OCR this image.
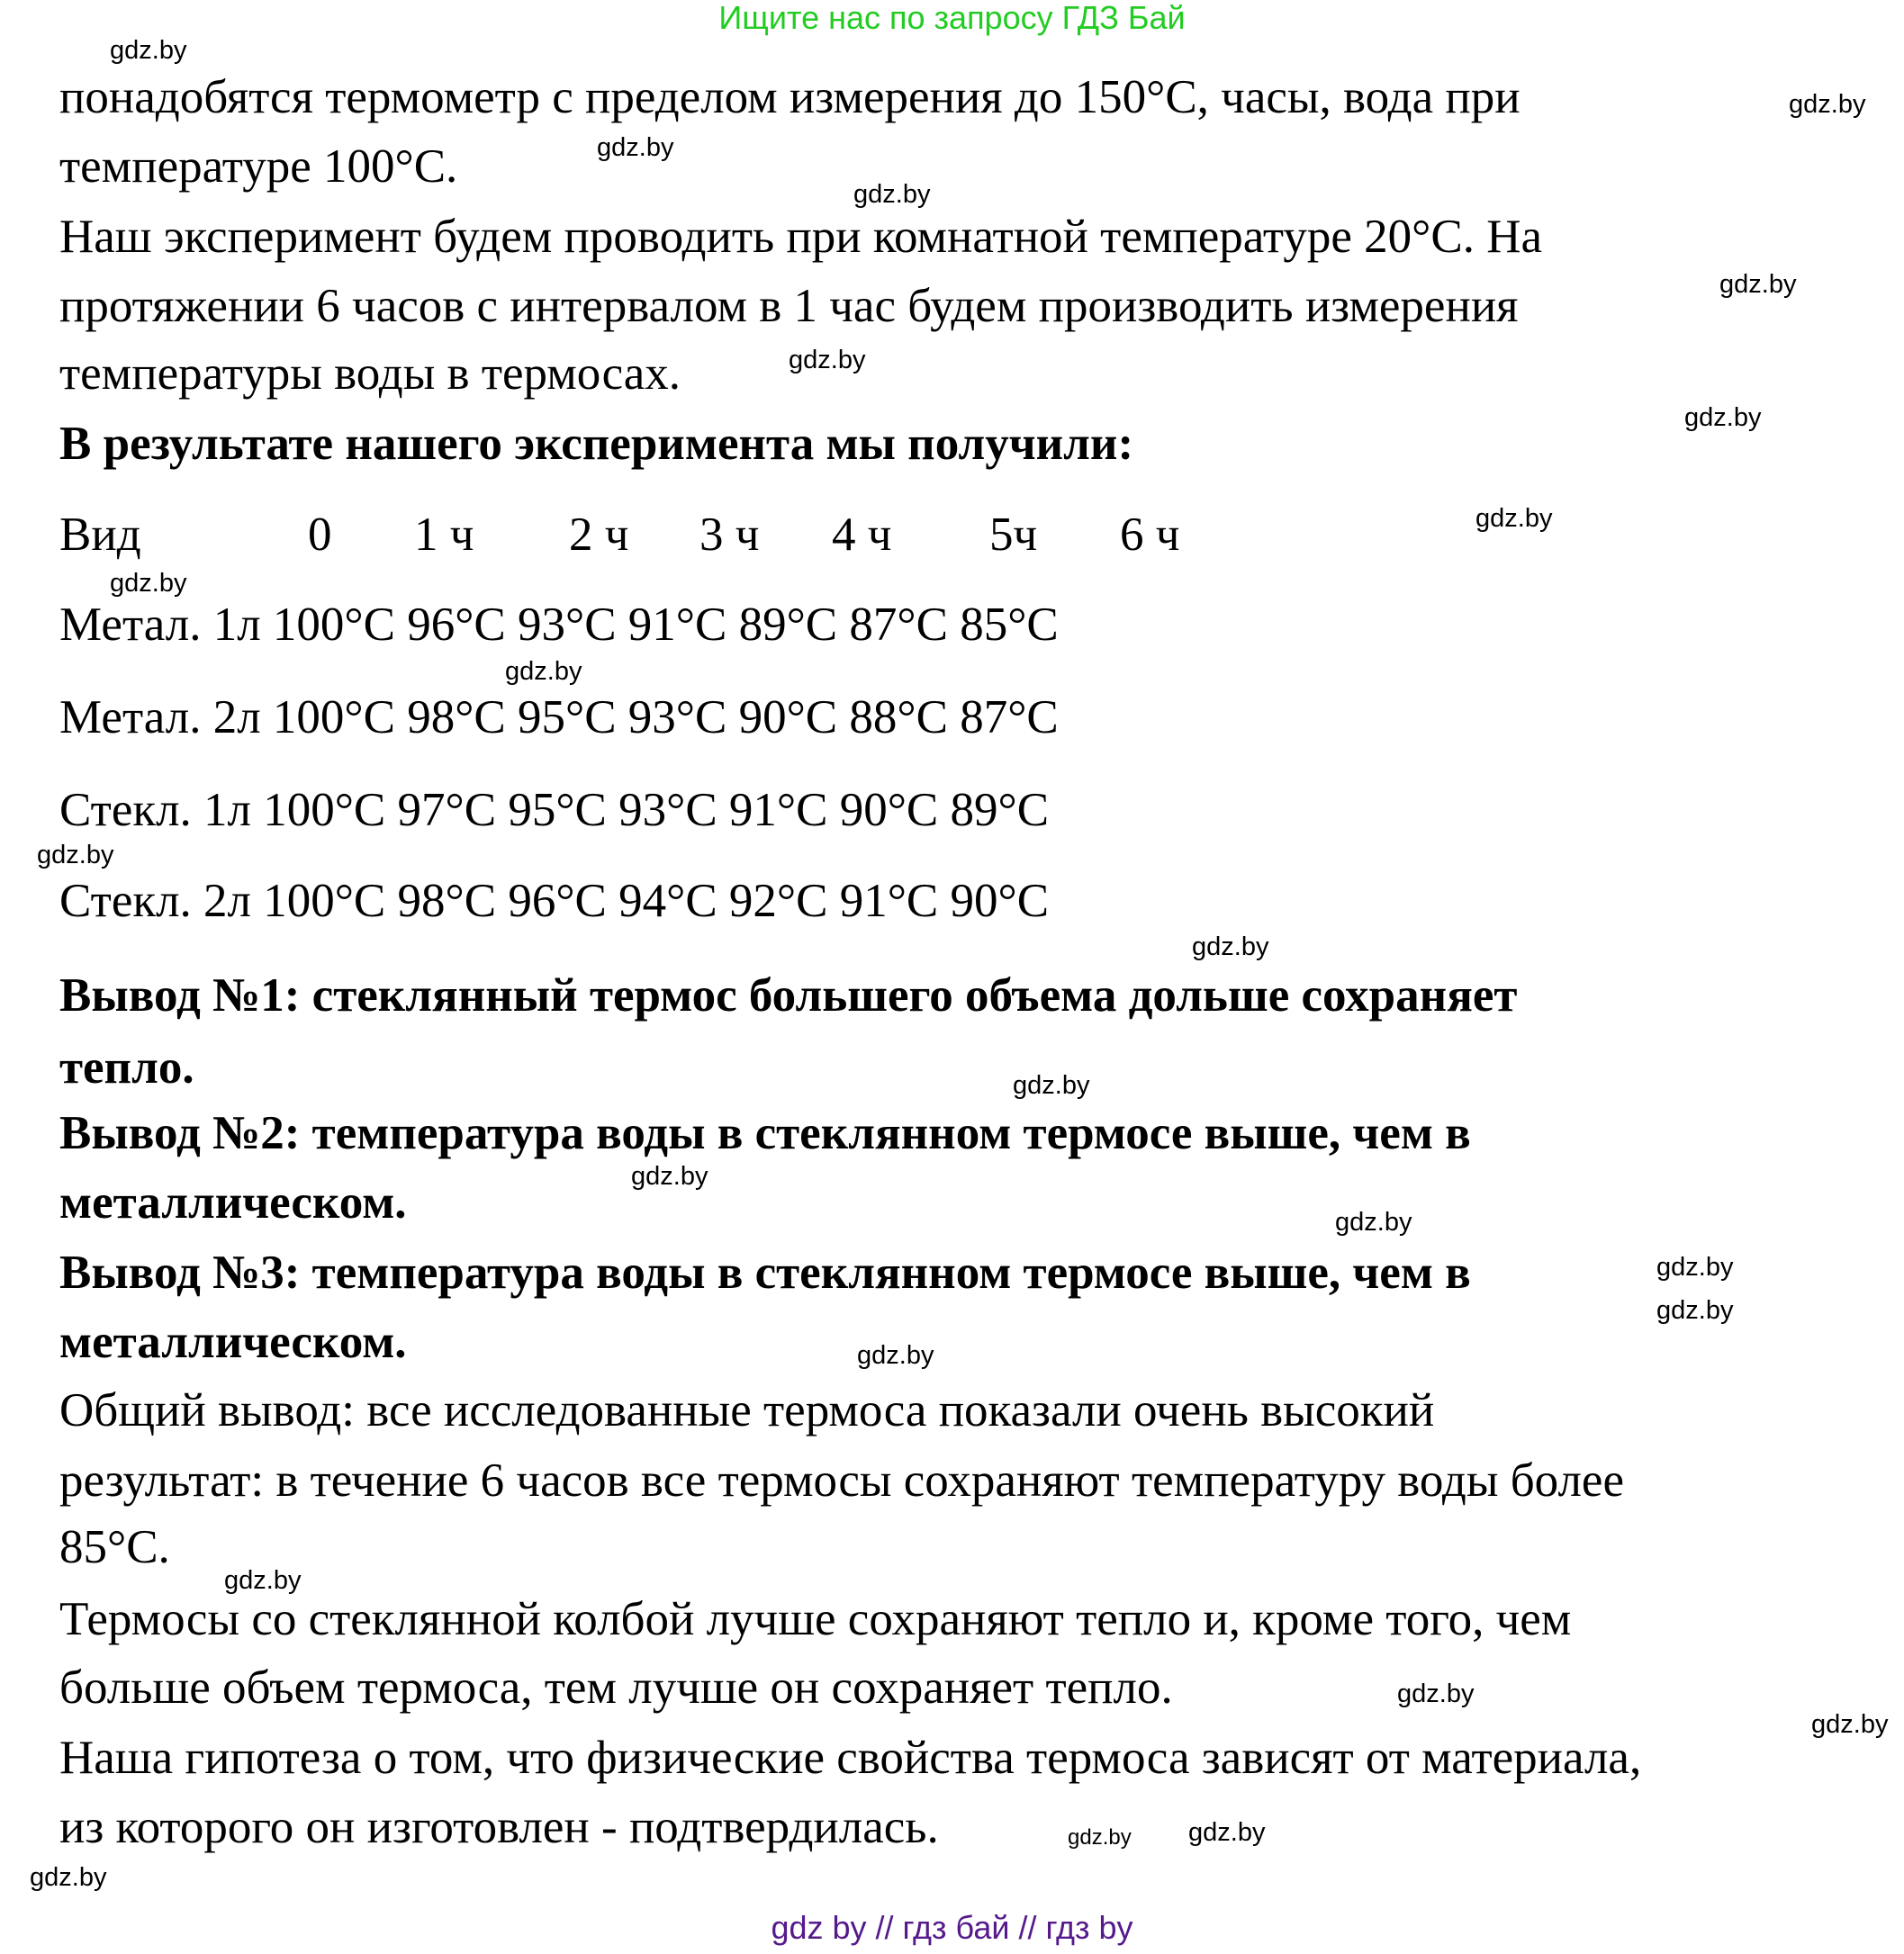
Ищите нас по запросу ГДЗ Бай
понадобятся термометр с пределом измерения до 150°С, часы, вода при
температуре 100°С.
Наш эксперимент будем проводить при комнатной температуре 20°С. На
протяжении 6 часов с интервалом в 1 час будем производить измерения
температуры воды в термосах.
В результате нашего эксперимента мы получили:
Вид	0 1 ч 2 ч 3 ч 4 ч 5ч 6 ч
Метал. 1л 100°С 96°С 93°С 91°С 89°С 87°С 85°С
Метал. 2л 100°С 98°С 95°С 93°С 90°С 88°С 87°С
Стекл. 1л 100°С 97°С 95°С 93°С 91°С 90°С 89°С
Стекл. 2л 100°С 98°С 96°С 94°С 92°С 91°С 90°С
Вывод №1: стеклянный термос большего объема дольше сохраняет
тепло.
Вывод №2: температура воды в стеклянном термосе выше, чем в
металлическом.
Вывод №3: температура воды в стеклянном термосе выше, чем в
металлическом.
Общий вывод: все исследованные термоса показали очень высокий
результат: в течение 6 часов все термосы сохраняют температуру воды более
85°С.
Термосы со стеклянной колбой лучше сохраняют тепло и, кроме того, чем
больше объем термоса, тем лучше он сохраняет тепло.
Наша гипотеза о том, что физические свойства термоса зависят от материала,
из которого он изготовлен - подтвердилась.
gdz.by
gdz.by
gdz.by
gdz.by
gdz.by
gdz.by
gdz.by
gdz.by
gdz.by
gdz.by
gdz.by
gdz.by
gdz.by
gdz.by
gdz.by
gdz.by
gdz.by
gdz.by
gdz.by
gdz.by
gdz.by
gdz.by
gdz.by
gdz.by
gdz by // гдз бай // гдз by
